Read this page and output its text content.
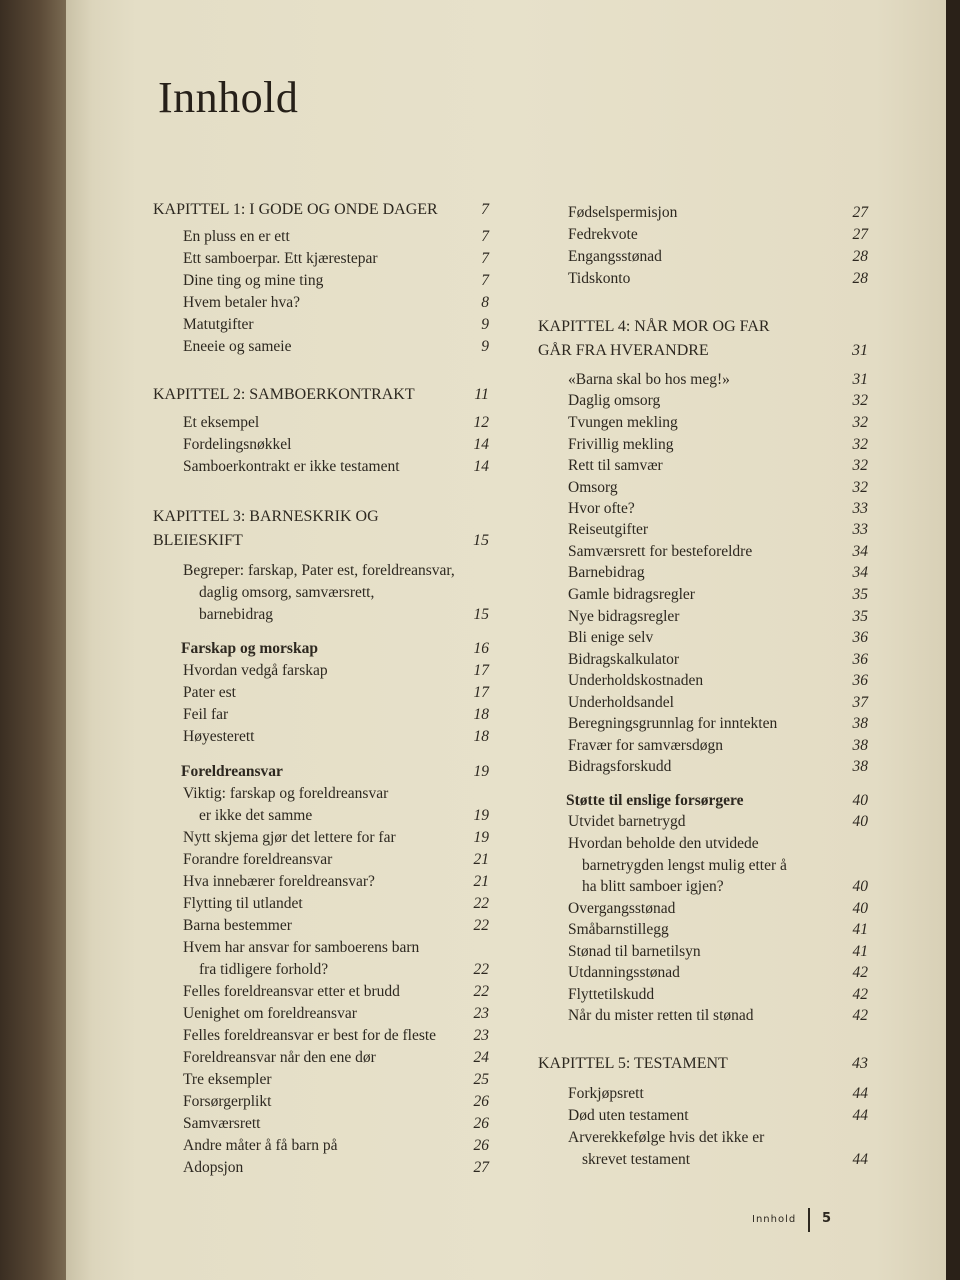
Innhold
KAPITTEL 1: I GODE OG ONDE DAGER	7
En pluss en er ett	7
Ett samboerpar. Ett kjærestepar	7
Dine ting og mine ting	7
Hvem betaler hva?	8
Matutgifter	9
Eneeie og sameie	9
KAPITTEL 2: SAMBOERKONTRAKT	11
Et eksempel	12
Fordelingsnøkkel	14
Samboerkontrakt er ikke testament	14
KAPITTEL 3: BARNESKRIK OG
BLEIESKIFT	15
Begreper: farskap, Pater est, foreldreansvar,
daglig omsorg, samværsrett,
barnebidrag	15
Farskap og morskap	16
Hvordan vedgå farskap	17
Pater est	17
Feil far	18
Høyesterett	18
Foreldreansvar	19
Viktig: farskap og foreldreansvar
er ikke det samme	19
Nytt skjema gjør det lettere for far	19
Forandre foreldreansvar	21
Hva innebærer foreldreansvar?	21
Flytting til utlandet	22
Barna bestemmer	22
Hvem har ansvar for samboerens barn
fra tidligere forhold?	22
Felles foreldreansvar etter et brudd	22
Uenighet om foreldreansvar	23
Felles foreldreansvar er best for de fleste 23
Foreldreansvar når den ene dør	24
Tre eksempler	25
Forsørgerplikt	26
Samværsrett	26
Andre måter å få barn på	26
Adopsjon	27
Fødselspermisjon	27
Fedrekvote	27
Engangsstønad	28
Tidskonto	28
KAPITTEL 4: NÅR MOR OG FAR
GÅR FRA HVERANDRE	31
«Barna skal bo hos meg!»	31
Daglig omsorg	32
Tvungen mekling	32
Frivillig mekling	32
Rett til samvær	32
Omsorg	32
Hvor ofte?	33
Reiseutgifter	33
Samværsrett for besteforeldre	34
Barnebidrag	34
Gamle bidragsregler	35
Nye bidragsregler	35
Bli enige selv	36
Bidragskalkulator	36
Underholdskostnaden	36
Underholdsandel	37
Beregningsgrunnlag for inntekten	38
Fravær for samværsdøgn	38
Bidragsforskudd	38
Støtte til enslige forsørgere	40
Utvidet barnetrygd	40
Hvordan beholde den utvidede
barnetrygden lengst mulig etter å
ha blitt samboer igjen?	40
Overgangsstønad	40
Småbarnstillegg	41
Stønad til barnetilsyn	41
Utdanningsstønad	42
Flyttetilskudd	42
Når du mister retten til stønad	42
KAPITTEL 5: TESTAMENT	43
Forkjøpsrett	44
Død uten testament	44
Arverekkefølge hvis det ikke er
skrevet testament	44
Innhold 5
